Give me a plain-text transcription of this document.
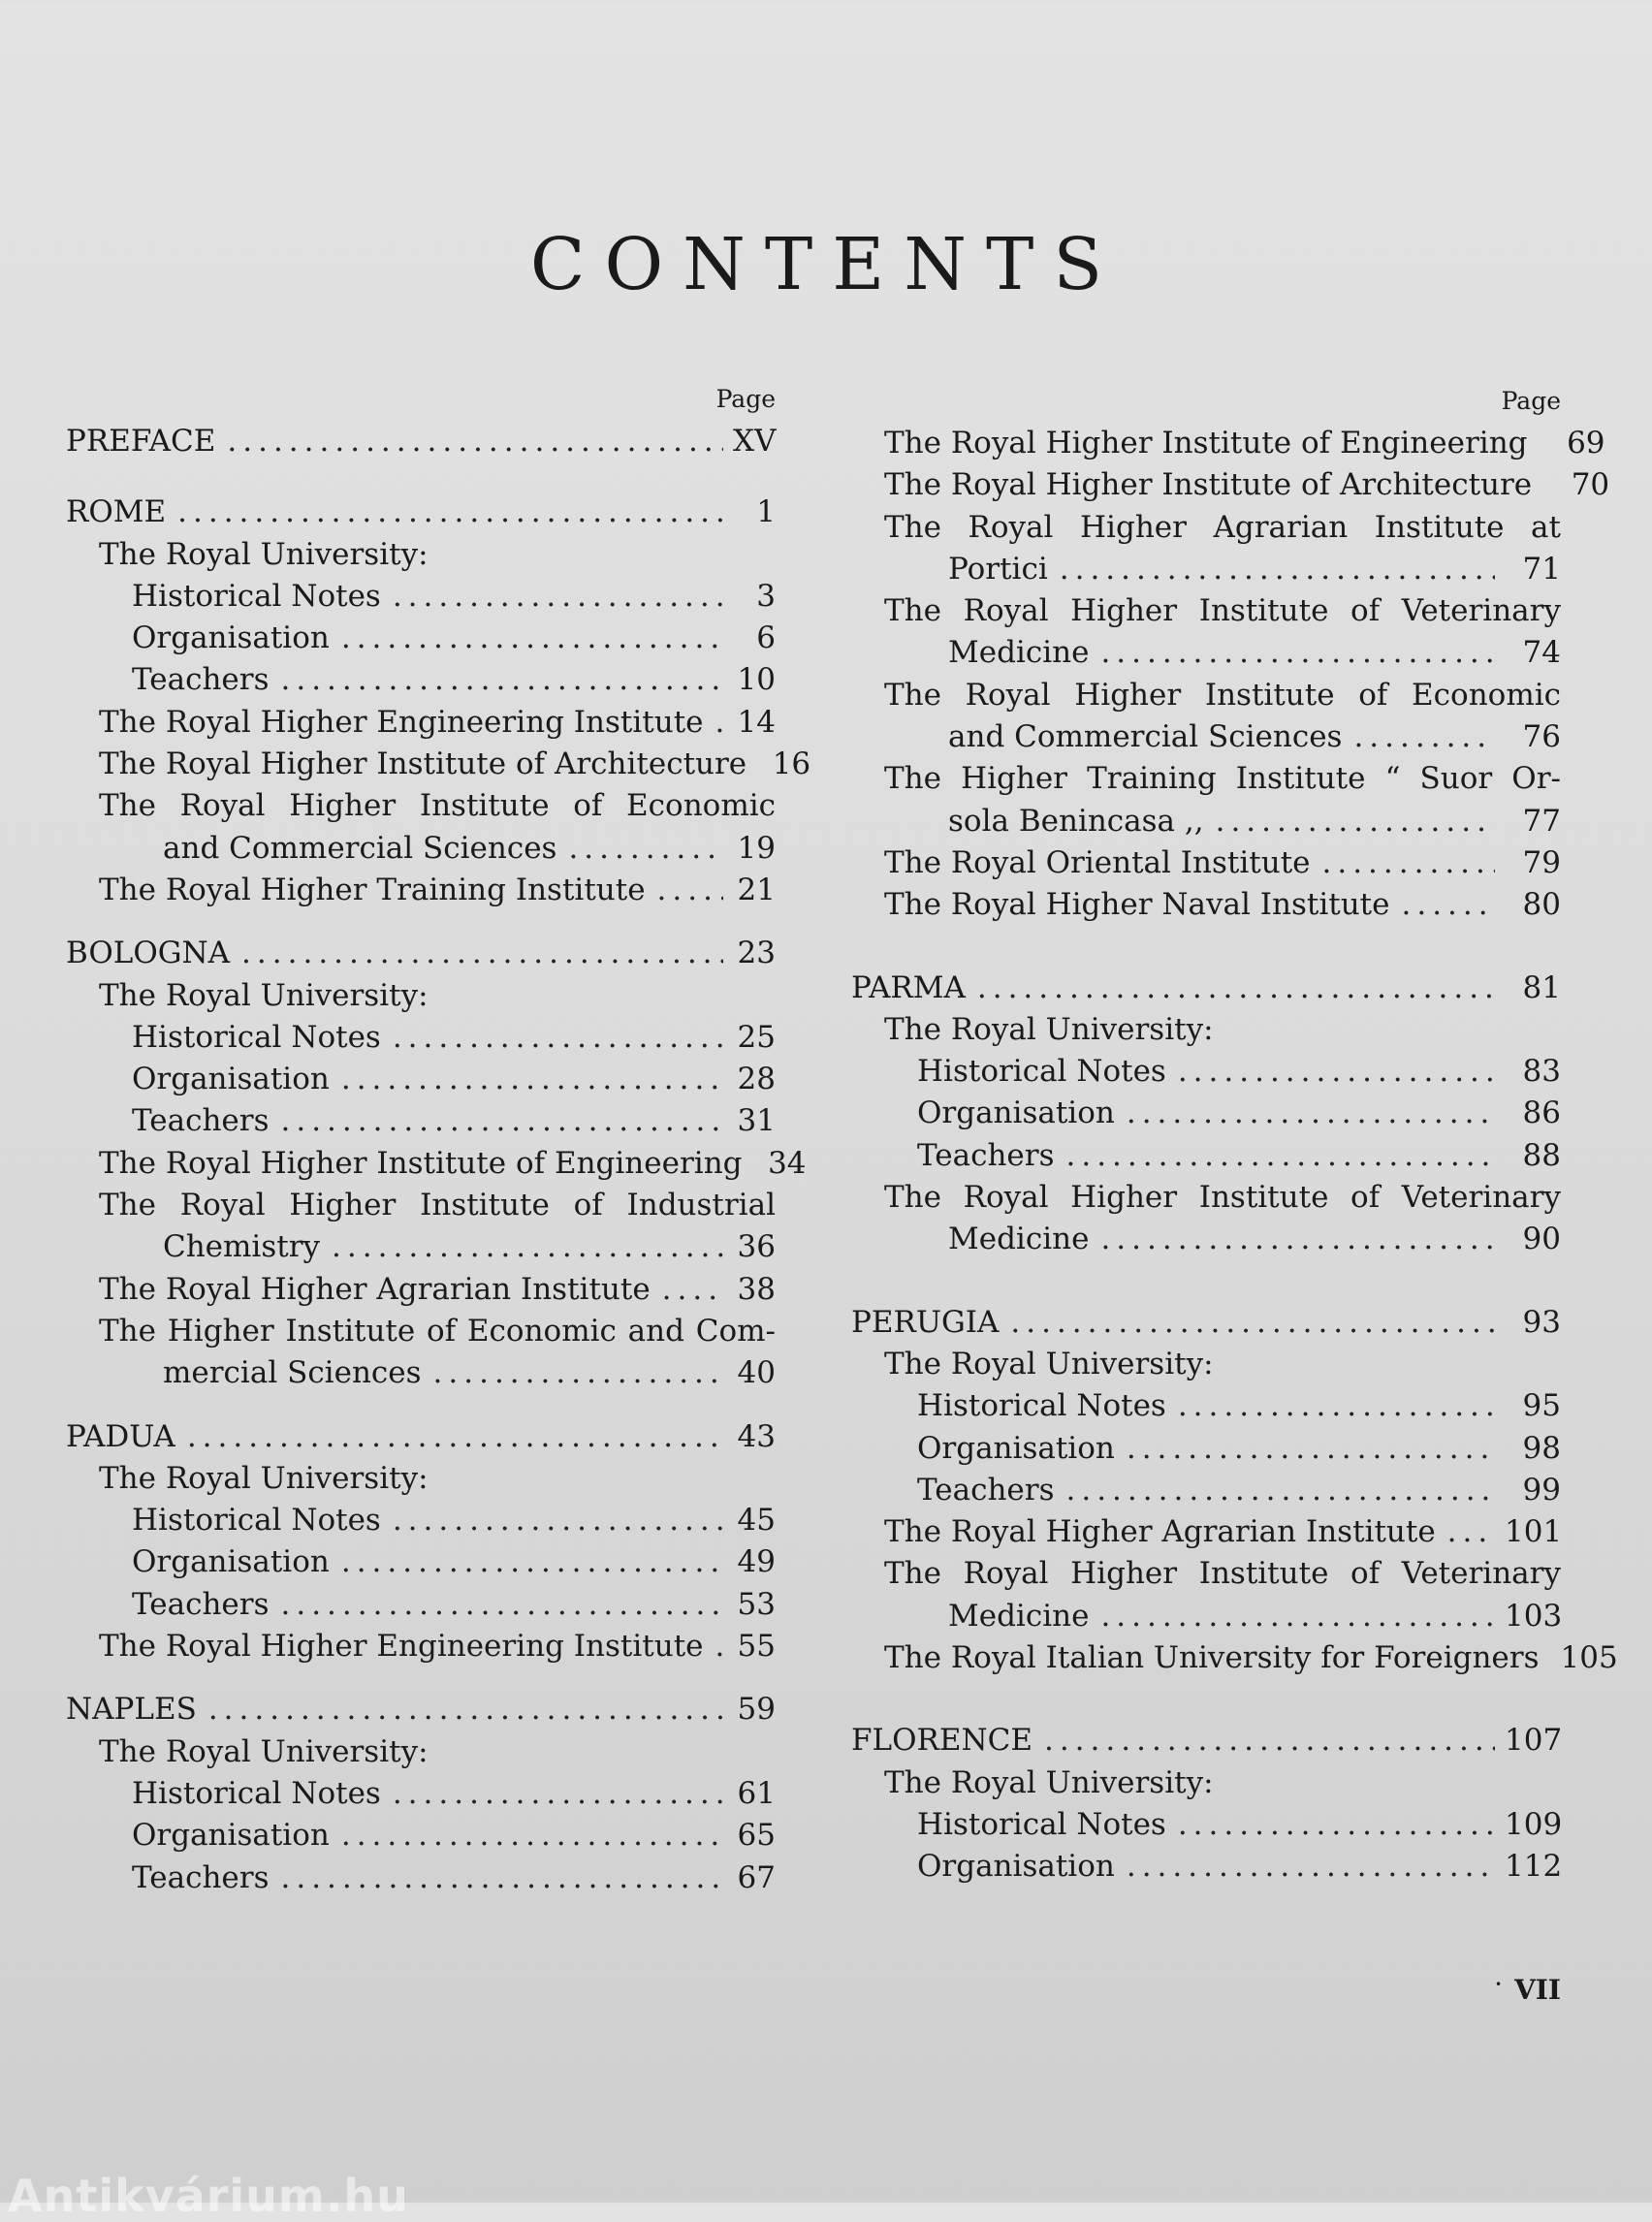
CONTENTS
Page
PREFACE .....	XV
ROME .....	1
The Royal University:
Historical Notes .....	3
Organisation .....	6
Teachers .....	10
The Royal Higher Engineering Institute ..... 14
The Royal Higher Institute of Architecture 16
The Royal Higher Institute of Economic
and Commercial Sciences .....	19
The Royal Higher Training Institute .....	21
BOLOGNA .....	23
The Royal University:
Historical Notes .....	25
Organisation .....	28
Teachers .....	31
The Royal Higher Institute of Engineering 34
The Royal Higher Institute of Industrial
Chemistry .....	36
The Royal Higher Agrarian Institute .....	38
The Higher Institute of Economic and Com-
mercial Sciences .....	40
PADUA .....	43
The Royal University:
Historical Notes .....	45
Organisation .....	49
Teachers .....	53
The Royal Higher Engineering Institute ..... 55
NAPLES .....	59
The Royal University:
Historical Notes .....	61
Organisation .....	65
Teachers .....	67
Page
The Royal Higher Institute of Engineering	69
The Royal Higher Institute of Architecture	70
The Royal Higher Agrarian Institute at
Portici .....	71
The Royal Higher Institute of Veterinary
Medicine .....	74
The Royal Higher Institute of Economic
and Commercial Sciences .....	76
The Higher Training Institute “ Suor Or-
sola Benincasa ,, .....	77
The Royal Oriental Institute .....	79
The Royal Higher Naval Institute .....	80
PARMA .....	81
The Royal University:
Historical Notes .....	83
Organisation .....	86
Teachers .....	88
The Royal Higher Institute of Veterinary
Medicine .....	90
PERUGIA .....	93
The Royal University:
Historical Notes .....	95
Organisation .....	98
Teachers .....	99
The Royal Higher Agrarian Institute ..... 101
The Royal Higher Institute of Veterinary
Medicine .....	103
The Royal Italian University for Foreigners 105
FLORENCE .....	107
The Royal University:
Historical Notes .....	109
Organisation .....	112
· VII
Antikvárium.hu
